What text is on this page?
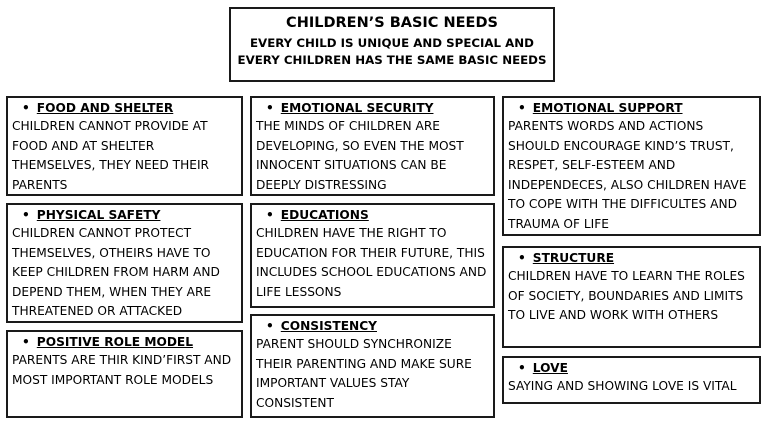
CHILDREN’S BASIC NEEDS
EVERY CHILD IS UNIQUE AND SPECIAL AND
EVERY CHILDREN HAS THE SAME BASIC NEEDS
• FOOD AND SHELTER
CHILDREN CANNOT PROVIDE AT FOOD AND AT SHELTER THEMSELVES, THEY NEED THEIR PARENTS
• PHYSICAL SAFETY
CHILDREN CANNOT PROTECT THEMSELVES, OTHEIRS HAVE TO KEEP CHILDREN FROM HARM AND DEPEND THEM, WHEN THEY ARE THREATENED OR ATTACKED
• POSITIVE ROLE MODEL
PARENTS ARE THIR KIND’FIRST AND MOST IMPORTANT ROLE MODELS
• EMOTIONAL SECURITY
THE MINDS OF CHILDREN ARE DEVELOPING, SO EVEN THE MOST INNOCENT SITUATIONS CAN BE DEEPLY DISTRESSING
• EDUCATIONS
CHILDREN HAVE THE RIGHT TO EDUCATION FOR THEIR FUTURE, THIS INCLUDES SCHOOL EDUCATIONS AND LIFE LESSONS
• CONSISTENCY
PARENT SHOULD SYNCHRONIZE THEIR PARENTING AND MAKE SURE IMPORTANT VALUES STAY CONSISTENT
• EMOTIONAL SUPPORT
PARENTS WORDS AND ACTIONS SHOULD ENCOURAGE KIND’S TRUST, RESPET, SELF-ESTEEM AND INDEPENDECES, ALSO CHILDREN HAVE TO COPE WITH THE DIFFICULTES AND TRAUMA OF LIFE
• STRUCTURE
CHILDREN HAVE TO LEARN THE ROLES OF SOCIETY, BOUNDARIES AND LIMITS TO LIVE AND WORK WITH OTHERS
• LOVE
SAYING AND SHOWING LOVE IS VITAL
